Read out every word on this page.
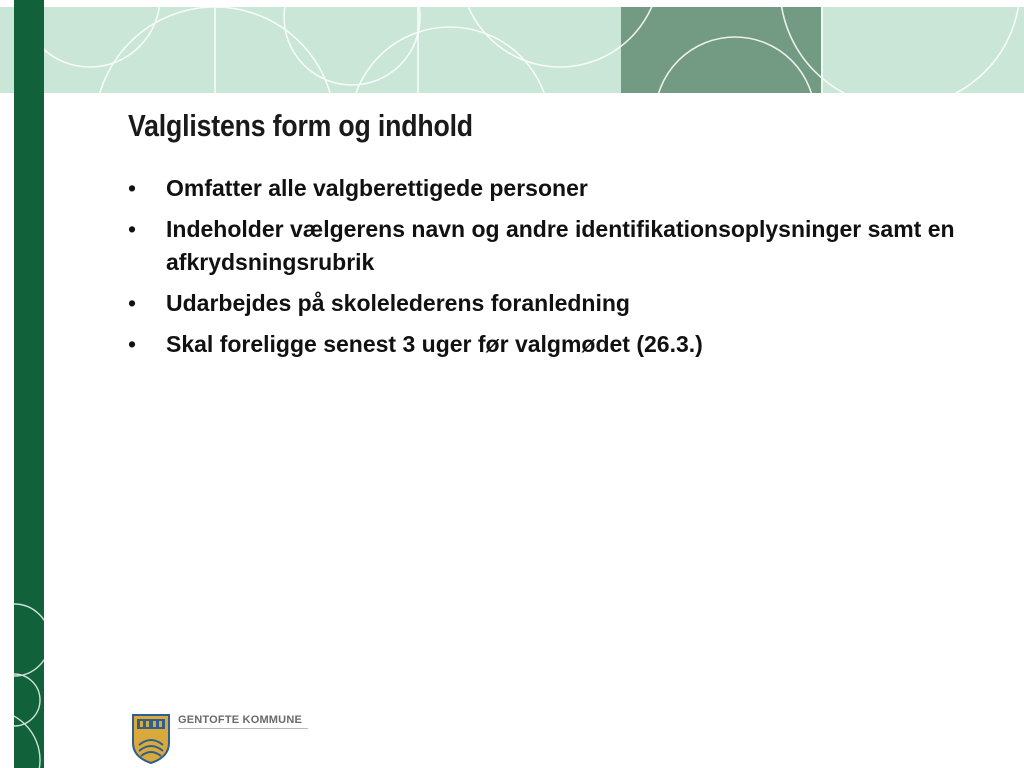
Valglistens form og indhold
•	Omfatter alle valgberettigede personer
•	Indeholder vælgerens navn og andre identifikationsoplysninger samt en afkrydsningsrubrik
•	Udarbejdes på skolelederens foranledning
•	Skal foreligge senest 3 uger før valgmødet (26.3.)
GENTOFTE KOMMUNE
